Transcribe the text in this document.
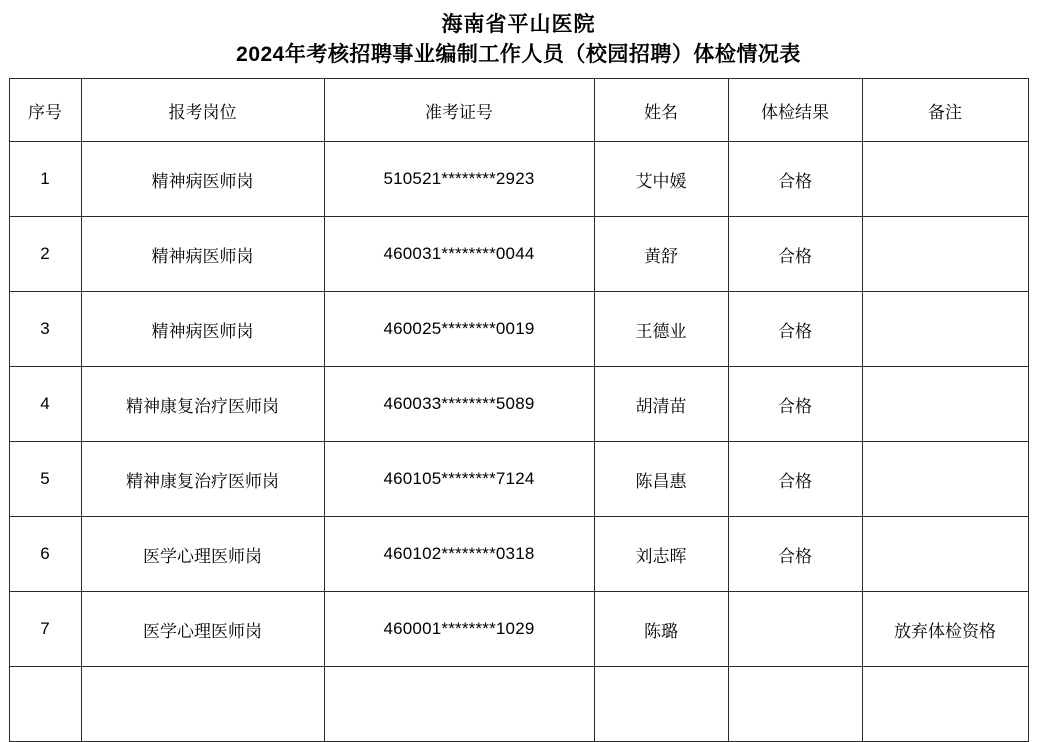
海南省平山医院
2024年考核招聘事业编制工作人员（校园招聘）体检情况表
序号	报考岗位	准考证号	姓名	体检结果	备注
1	精神病医师岗	510521********2923	艾中媛	合格	
2	精神病医师岗	460031********0044	黄舒	合格	
3	精神病医师岗	460025********0019	王德业	合格	
4	精神康复治疗医师岗	460033********5089	胡清苗	合格	
5	精神康复治疗医师岗	460105********7124	陈昌惠	合格	
6	医学心理医师岗	460102********0318	刘志晖	合格	
7	医学心理医师岗	460001********1029	陈璐		放弃体检资格
